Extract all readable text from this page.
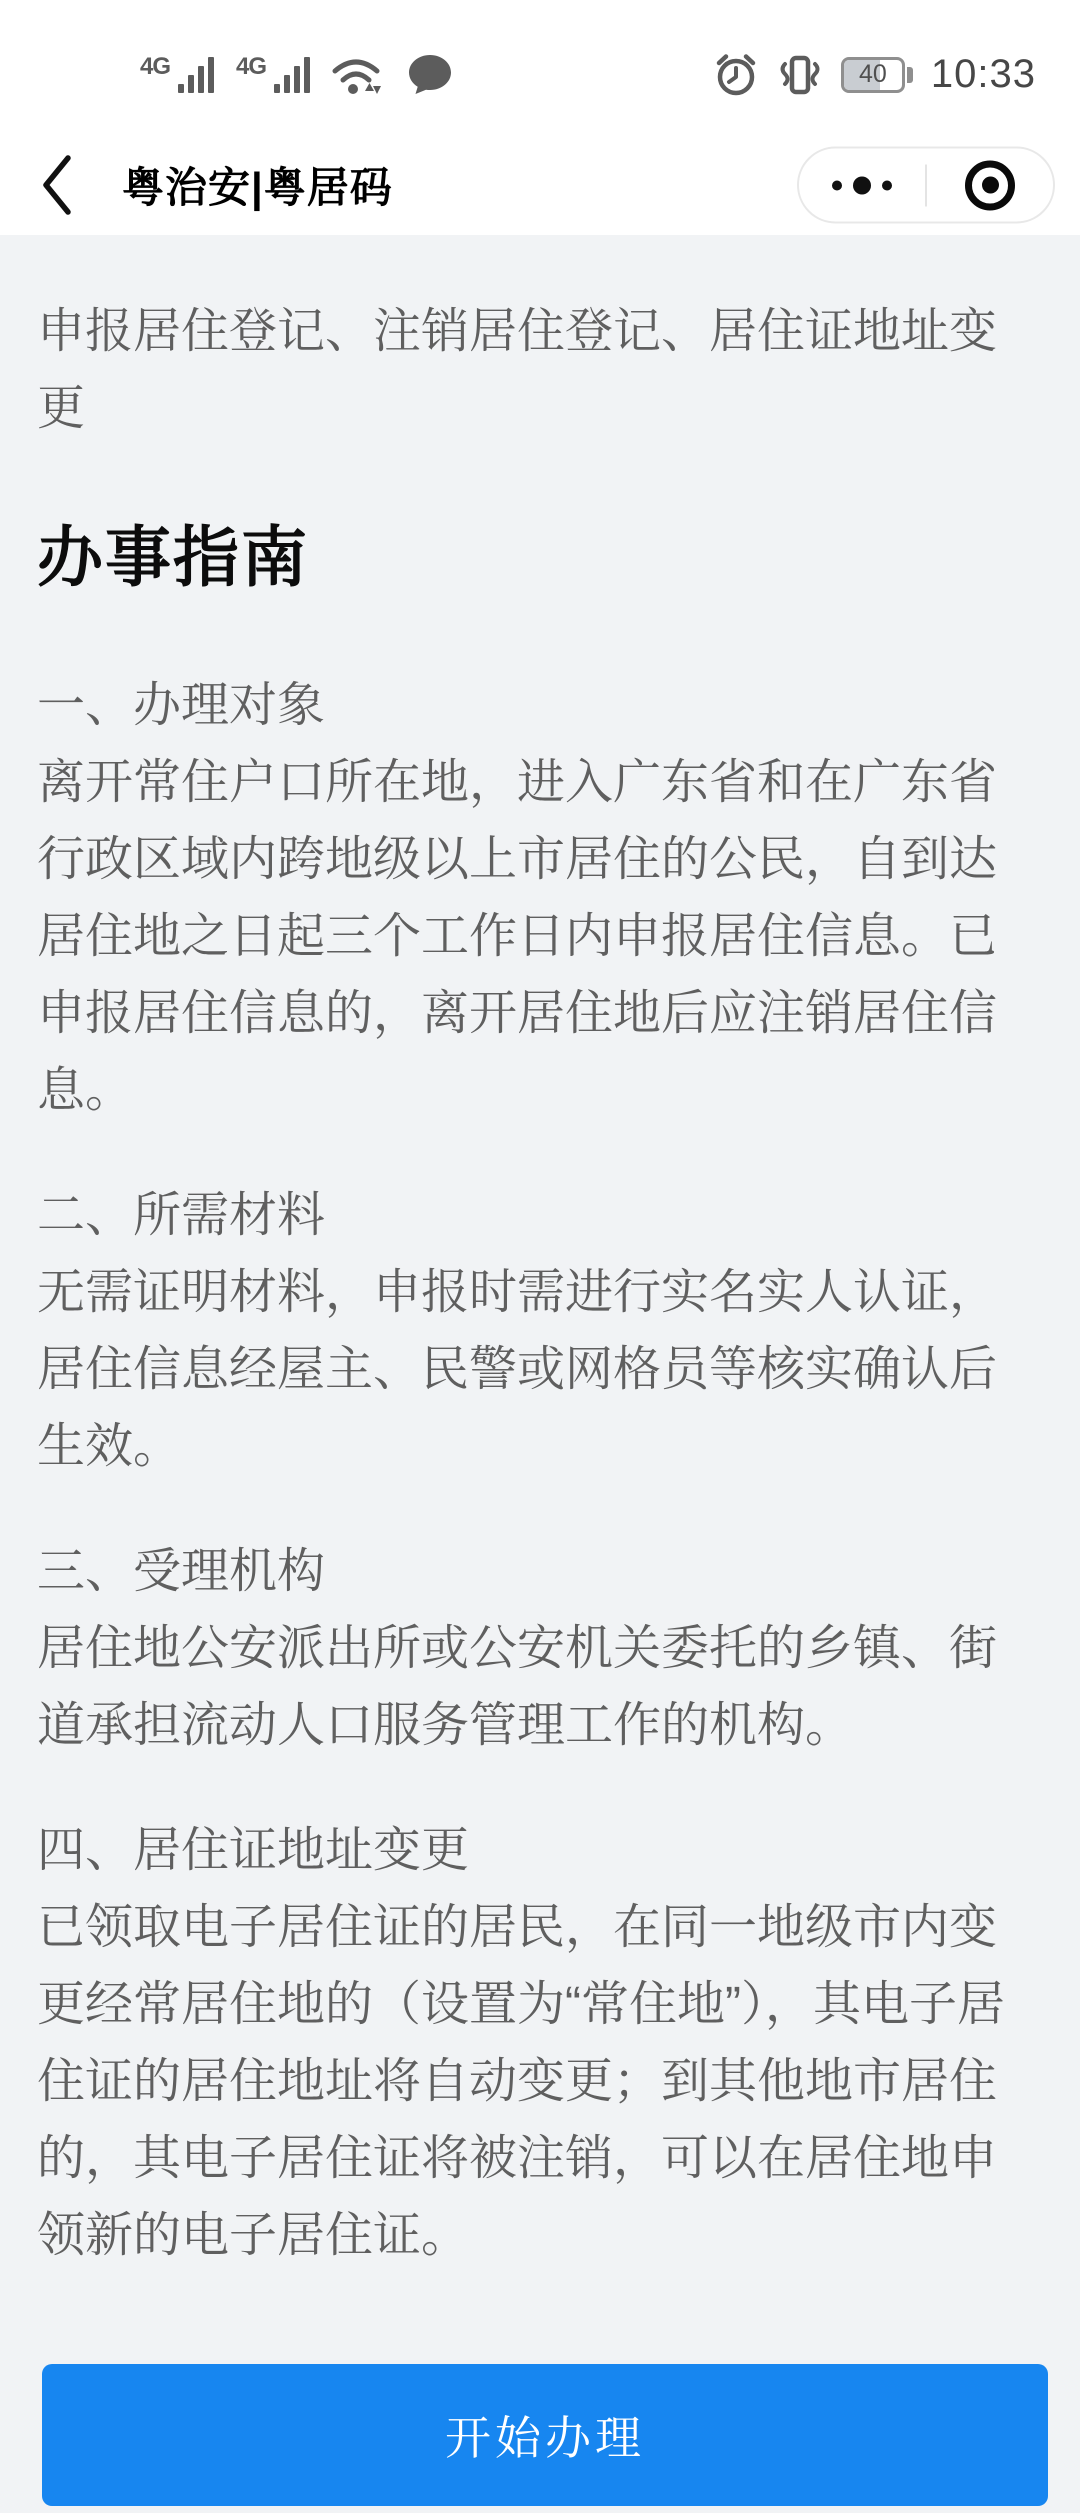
4G	4G	40	10:33
粤治安|粤居码

申报居住登记、注销居住登记、居住证地址变更

办事指南
一、办理对象
离开常住户口所在地，进入广东省和在广东省行政区域内跨地级以上市居住的公民，自到达居住地之日起三个工作日内申报居住信息。已申报居住信息的，离开居住地后应注销居住信息。
二、所需材料
无需证明材料，申报时需进行实名实人认证，居住信息经屋主、民警或网格员等核实确认后生效。
三、受理机构
居住地公安派出所或公安机关委托的乡镇、街道承担流动人口服务管理工作的机构。
四、居住证地址变更
已领取电子居住证的居民，在同一地级市内变更经常居住地的（设置为“常住地”），其电子居住证的居住地址将自动变更；到其他地市居住的，其电子居住证将被注销，可以在居住地申领新的电子居住证。
开始办理
